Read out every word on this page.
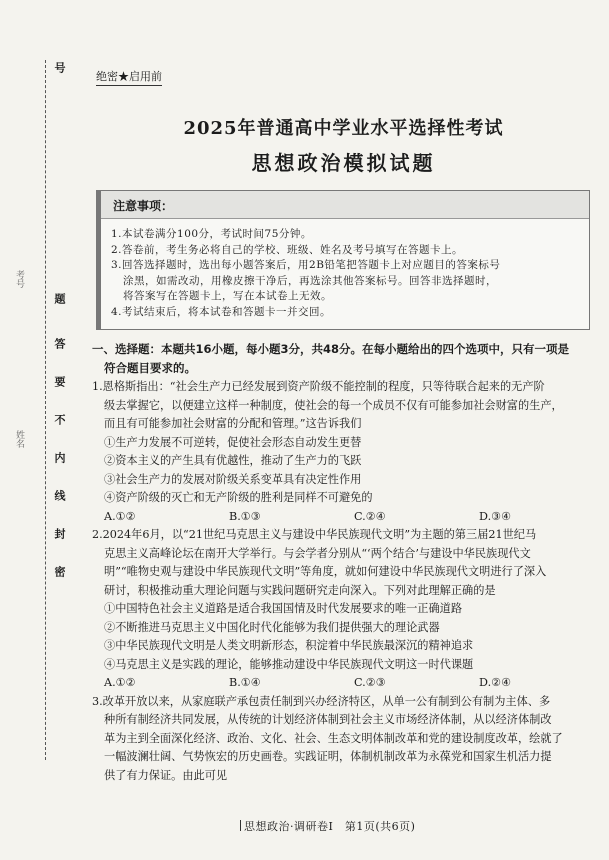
号
题
答
要
不
内
线
封
密
考号
姓名
绝密★启用前
2025年普通高中学业水平选择性考试
思想政治模拟试题
注意事项：

1.本试卷满分100分，考试时间75分钟。

2.答卷前，考生务必将自己的学校、班级、姓名及考号填写在答题卡上。

3.回答选择题时，选出每小题答案后，用2B铅笔把答题卡上对应题目的答案标号

涂黑，如需改动，用橡皮擦干净后，再选涂其他答案标号。回答非选择题时，

将答案写在答题卡上，写在本试卷上无效。

4.考试结束后，将本试卷和答题卡一并交回。

一、选择题：本题共16小题，每小题3分，共48分。在每小题给出的四个选项中，只有一项是

符合题目要求的。

1.恩格斯指出：“社会生产力已经发展到资产阶级不能控制的程度，只等待联合起来的无产阶

级去掌握它，以便建立这样一种制度，使社会的每一个成员不仅有可能参加社会财富的生产，

而且有可能参加社会财富的分配和管理。”这告诉我们

①生产力发展不可逆转，促使社会形态自动发生更替

②资本主义的产生具有优越性，推动了生产力的飞跃

③社会生产力的发展对阶级关系变革具有决定性作用

④资产阶级的灭亡和无产阶级的胜利是同样不可避免的

A.①②	B.①③	C.②④	D.③④

2.2024年6月，以“21世纪马克思主义与建设中华民族现代文明”为主题的第三届21世纪马

克思主义高峰论坛在南开大学举行。与会学者分别从“‘两个结合’与建设中华民族现代文

明”“唯物史观与建设中华民族现代文明”等角度，就如何建设中华民族现代文明进行了深入

研讨，积极推动重大理论问题与实践问题研究走向深入。下列对此理解正确的是

①中国特色社会主义道路是适合我国国情及时代发展要求的唯一正确道路

②不断推进马克思主义中国化时代化能够为我们提供强大的理论武器

③中华民族现代文明是人类文明新形态，积淀着中华民族最深沉的精神追求

④马克思主义是实践的理论，能够推动建设中华民族现代文明这一时代课题

A.①②	B.①④	C.②③	D.②④

3.改革开放以来，从家庭联产承包责任制到兴办经济特区，从单一公有制到公有制为主体、多

种所有制经济共同发展，从传统的计划经济体制到社会主义市场经济体制，从以经济体制改

革为主到全面深化经济、政治、文化、社会、生态文明体制改革和党的建设制度改革，绘就了

一幅波澜壮阔、气势恢宏的历史画卷。实践证明，体制机制改革为永葆党和国家生机活力提

供了有力保证。由此可见

思想政治·调研卷Ⅰ　第1页(共6页)
